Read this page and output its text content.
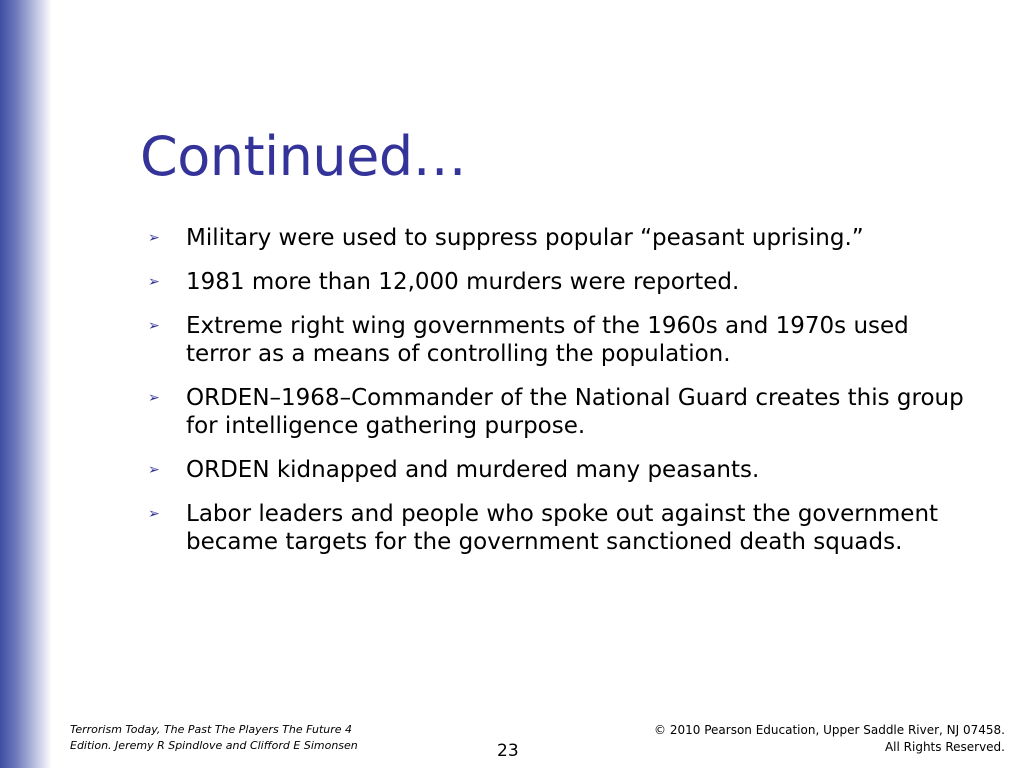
Continued…
➢ Military were used to suppress popular “peasant uprising.”
➢ 1981 more than 12,000 murders were reported.
➢ Extreme right wing governments of the 1960s and 1970s used terror as a means of controlling the population.
➢ ORDEN–1968–Commander of the National Guard creates this group for intelligence gathering purpose.
➢ ORDEN kidnapped and murdered many peasants.
➢ Labor leaders and people who spoke out against the government became targets for the government sanctioned death squads.
Terrorism Today, The Past The Players The Future 4
Edition. Jeremy R Spindlove and Clifford E Simonsen	23
© 2010 Pearson Education, Upper Saddle River, NJ 07458.
All Rights Reserved.
